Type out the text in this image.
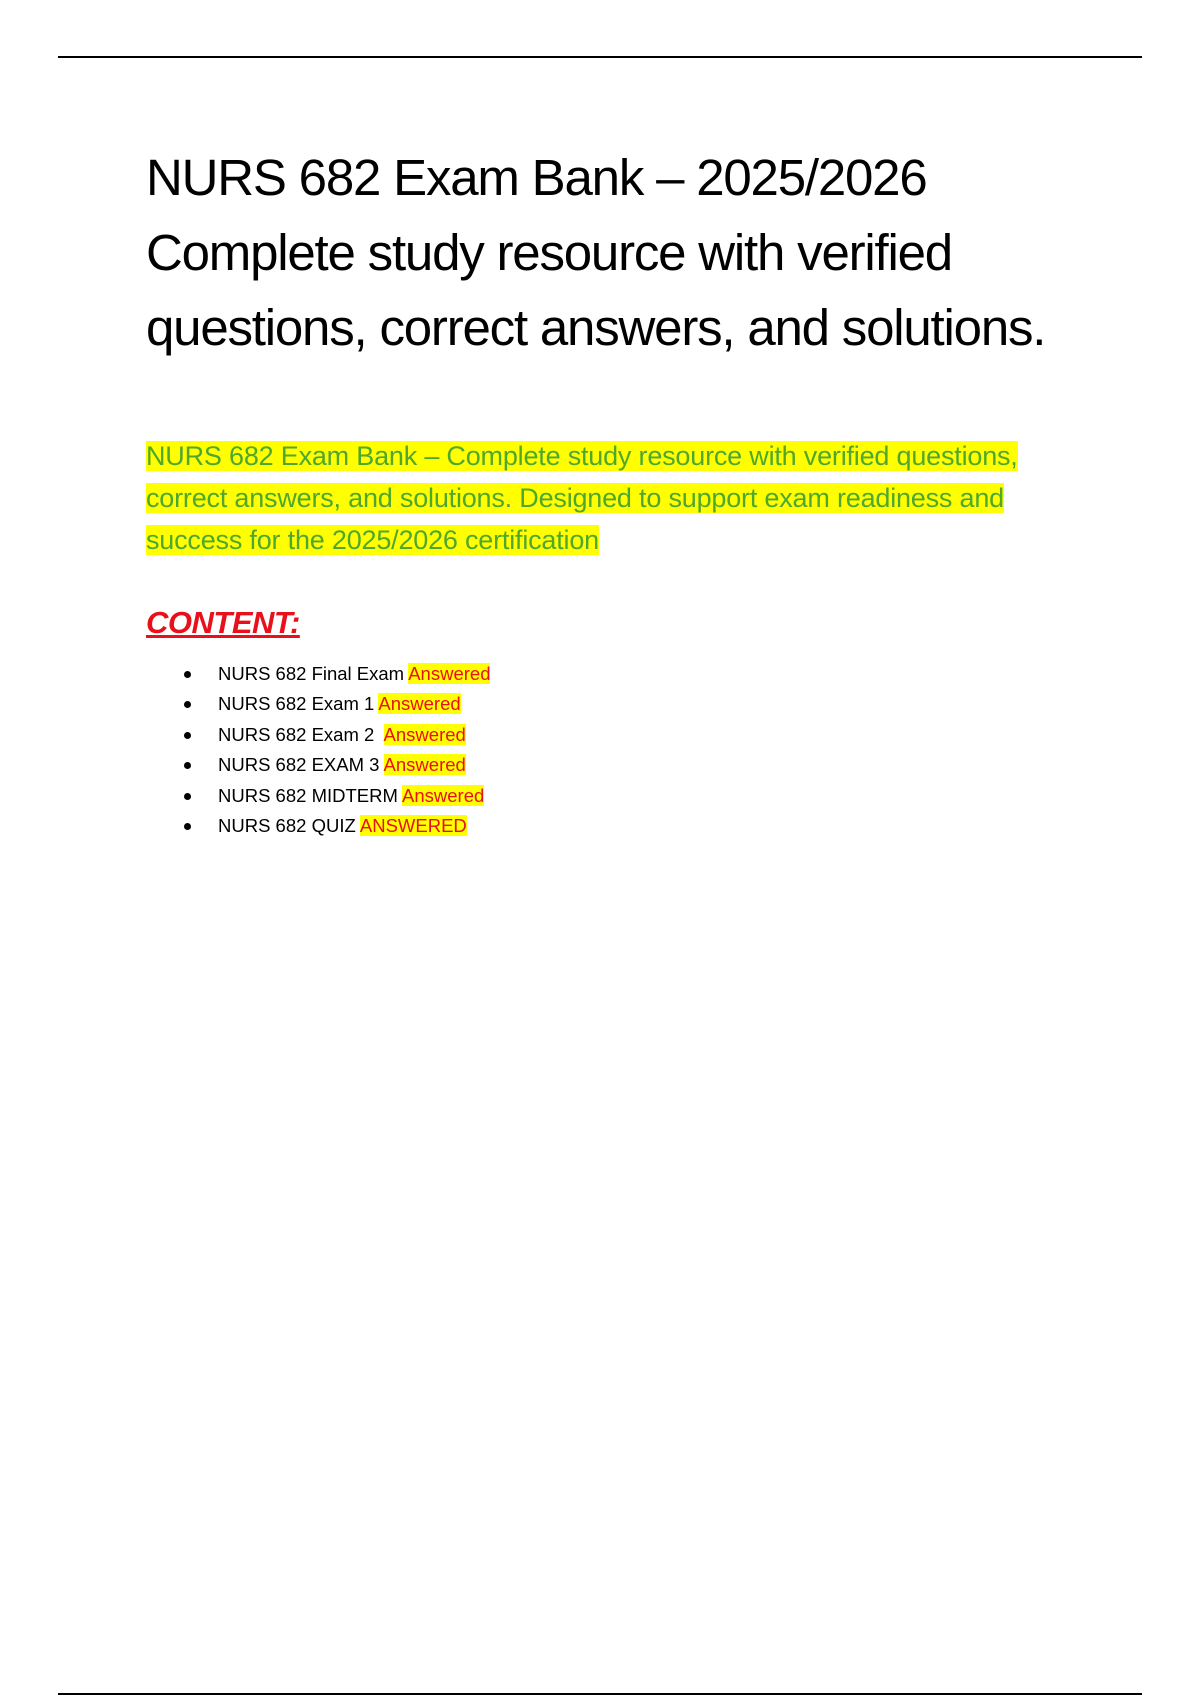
NURS 682 Exam Bank – 2025/2026
Complete study resource with verified
questions, correct answers, and solutions.
NURS 682 Exam Bank – Complete study resource with verified questions, correct answers, and solutions. Designed to support exam readiness and success for the 2025/2026 certification
CONTENT:
NURS 682 Final Exam Answered
NURS 682 Exam 1 Answered
NURS 682 Exam 2  Answered
NURS 682 EXAM 3 Answered
NURS 682 MIDTERM Answered
NURS 682 QUIZ ANSWERED
